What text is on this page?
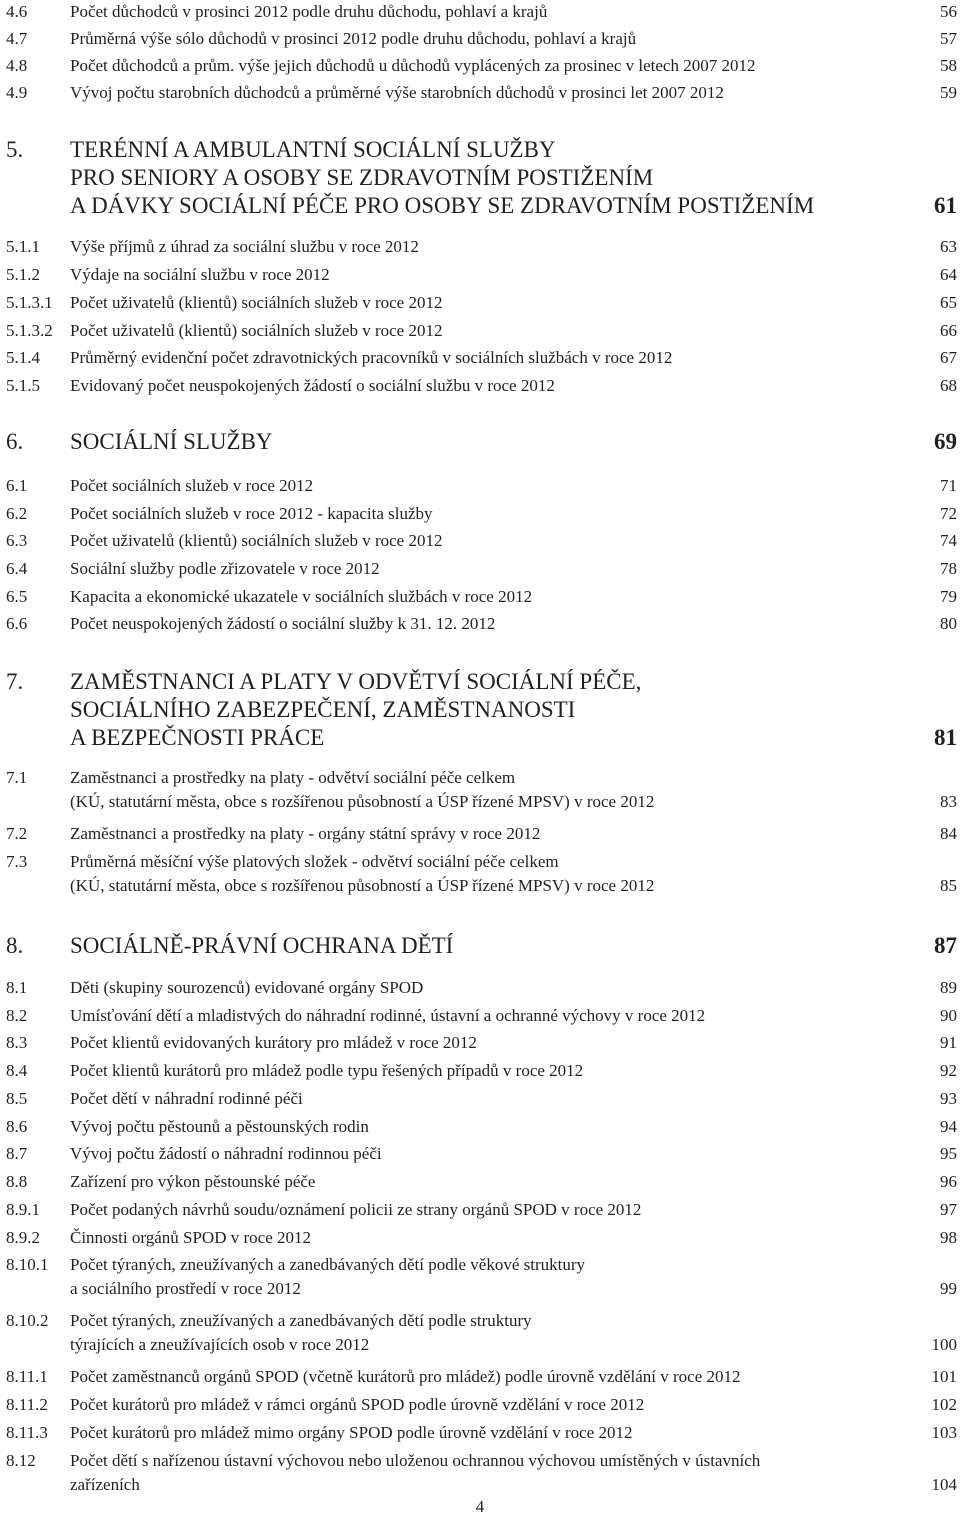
4.6	Počet důchodců v prosinci 2012 podle druhu důchodu, pohlaví a krajů	56
4.7	Průměrná výše sólo důchodů v prosinci 2012 podle druhu důchodu, pohlaví a krajů	57
4.8	Počet důchodců a prům. výše jejich důchodů u důchodů vyplácených za prosinec v letech 2007 2012	58
4.9	Vývoj počtu starobních důchodců a průměrné výše starobních důchodů v prosinci let 2007 2012	59
5. TERÉNNÍ A AMBULANTNÍ SOCIÁLNÍ SLUŽBY
PRO SENIORY A OSOBY SE ZDRAVOTNÍM POSTIŽENÍM
A DÁVKY SOCIÁLNÍ PÉČE PRO OSOBY SE ZDRAVOTNÍM POSTIŽENÍM	61
5.1.1 Výše příjmů z úhrad za sociální službu v roce 2012	63
5.1.2 Výdaje na sociální službu v roce 2012	64
5.1.3.1 Počet uživatelů (klientů) sociálních služeb v roce 2012	65
5.1.3.2 Počet uživatelů (klientů) sociálních služeb v roce 2012	66
5.1.4 Průměrný evidenční počet zdravotnických pracovníků v sociálních službách v roce 2012	67
5.1.5 Evidovaný počet neuspokojených žádostí o sociální službu v roce 2012	68
6. SOCIÁLNÍ SLUŽBY	69
6.1	Počet sociálních služeb v roce 2012	71
6.2	Počet sociálních služeb v roce 2012 - kapacita služby	72
6.3	Počet uživatelů (klientů) sociálních služeb v roce 2012	74
6.4	Sociální služby podle zřizovatele v roce 2012	78
6.5	Kapacita a ekonomické ukazatele v sociálních službách v roce 2012	79
6.6	Počet neuspokojených žádostí o sociální služby k 31. 12. 2012	80
7. ZAMĚSTNANCI A PLATY V ODVĚTVÍ SOCIÁLNÍ PÉČE,
SOCIÁLNÍHO ZABEZPEČENÍ, ZAMĚSTNANOSTI
A BEZPEČNOSTI PRÁCE	81
7.1	Zaměstnanci a prostředky na platy - odvětví sociální péče celkem
(KÚ, statutární města, obce s rozšířenou působností a ÚSP řízené MPSV) v roce 2012	83
7.2	Zaměstnanci a prostředky na platy - orgány státní správy v roce 2012	84
7.3	Průměrná měsíční výše platových složek - odvětví sociální péče celkem
(KÚ, statutární města, obce s rozšířenou působností a ÚSP řízené MPSV) v roce 2012	85
8. SOCIÁLNĚ-PRÁVNÍ OCHRANA DĚTÍ	87
8.1	Děti (skupiny sourozenců) evidované orgány SPOD	89
8.2	Umísťování dětí a mladistvých do náhradní rodinné, ústavní a ochranné výchovy v roce 2012	90
8.3	Počet klientů evidovaných kurátory pro mládež v roce 2012	91
8.4	Počet klientů kurátorů pro mládež podle typu řešených případů v roce 2012	92
8.5	Počet dětí v náhradní rodinné péči	93
8.6	Vývoj počtu pěstounů a pěstounských rodin	94
8.7	Vývoj počtu žádostí o náhradní rodinnou péči	95
8.8	Zařízení pro výkon pěstounské péče	96
8.9.1 Počet podaných návrhů soudu/oznámení policii ze strany orgánů SPOD v roce 2012	97
8.9.2 Činnosti orgánů SPOD v roce 2012	98
8.10.1 Počet týraných, zneužívaných a zanedbávaných dětí podle věkové struktury
a sociálního prostředí v roce 2012	99
8.10.2 Počet týraných, zneužívaných a zanedbávaných dětí podle struktury
týrajících a zneužívajících osob v roce 2012	100
8.11.1 Počet zaměstnanců orgánů SPOD (včetně kurátorů pro mládež) podle úrovně vzdělání v roce 2012	101
8.11.2 Počet kurátorů pro mládež v rámci orgánů SPOD podle úrovně vzdělání v roce 2012	102
8.11.3 Počet kurátorů pro mládež mimo orgány SPOD podle úrovně vzdělání v roce 2012	103
8.12 Počet dětí s nařízenou ústavní výchovou nebo uloženou ochrannou výchovou umístěných v ústavních
zařízeních	104
4
